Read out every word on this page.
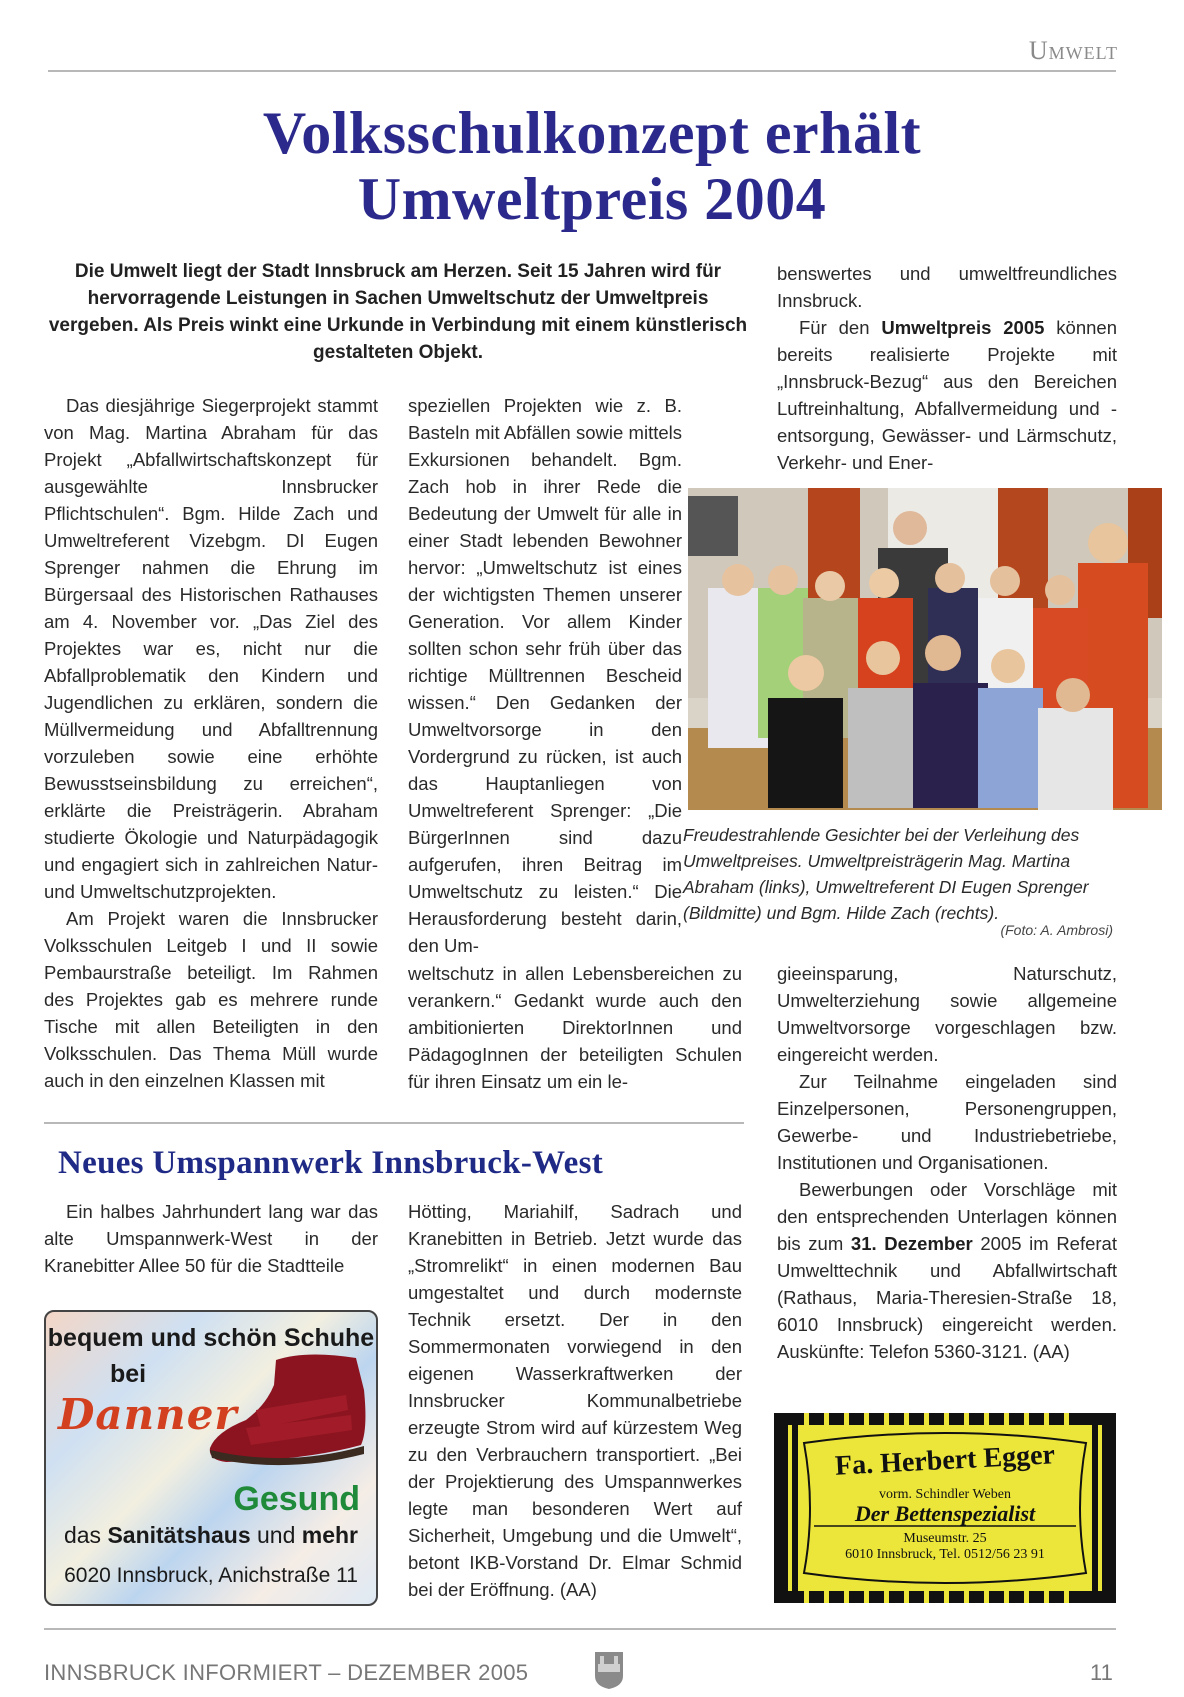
Umwelt
Volksschulkonzept erhält
Umweltpreis 2004
Die Umwelt liegt der Stadt Innsbruck am Herzen. Seit 15 Jahren wird für hervorragende Leistungen in Sachen Umweltschutz der Umweltpreis vergeben. Als Preis winkt eine Urkunde in Verbindung mit einem künstlerisch gestalteten Objekt.

Das diesjährige Siegerprojekt stammt von Mag. Martina Abraham für das Projekt „Abfallwirtschaftskonzept für ausgewählte Innsbrucker Pflichtschulen“. Bgm. Hilde Zach und Umweltreferent Vizebgm. DI Eugen Sprenger nahmen die Ehrung im Bürgersaal des Historischen Rathauses am 4. November vor. „Das Ziel des Projektes war es, nicht nur die Abfallproblematik den Kindern und Jugendlichen zu erklären, sondern die Müllvermeidung und Abfalltrennung vorzuleben sowie eine erhöhte Bewusstseinsbildung zu erreichen“, erklärte die Preisträgerin. Abraham studierte Ökologie und Naturpädagogik und engagiert sich in zahlreichen Natur- und Umweltschutzprojekten.

Am Projekt waren die Innsbrucker Volksschulen Leitgeb I und II sowie Pembaurstraße beteiligt. Im Rahmen des Projektes gab es mehrere runde Tische mit allen Beteiligten in den Volksschulen. Das Thema Müll wurde auch in den einzelnen Klassen mit

speziellen Projekten wie z. B. Basteln mit Abfällen sowie mittels Exkursionen behandelt. Bgm. Zach hob in ihrer Rede die Bedeutung der Umwelt für alle in einer Stadt lebenden Bewohner hervor: „Umweltschutz ist eines der wichtigsten Themen unserer Generation. Vor allem Kinder sollten schon sehr früh über das richtige Mülltrennen Bescheid wissen.“ Den Gedanken der Umweltvorsorge in den Vordergrund zu rücken, ist auch das Hauptanliegen von Umweltreferent Sprenger: „Die BürgerInnen sind dazu aufgerufen, ihren Beitrag im Umweltschutz zu leisten.“ Die Herausforderung besteht darin, den Um-

weltschutz in allen Lebensbereichen zu verankern.“ Gedankt wurde auch den ambitionierten DirektorInnen und PädagogInnen der beteiligten Schulen für ihren Einsatz um ein le-

benswertes und umweltfreundliches Innsbruck.

Für den Umweltpreis 2005 können bereits realisierte Projekte mit „Innsbruck-Bezug“ aus den Bereichen Luftreinhaltung, Abfallvermeidung und -entsorgung, Gewässer- und Lärmschutz, Verkehr- und Ener-

Freudestrahlende Gesichter bei der Verleihung des Umweltpreises. Umweltpreisträgerin Mag. Martina Abraham (links), Umweltreferent DI Eugen Sprenger (Bildmitte) und Bgm. Hilde Zach (rechts).
(Foto: A. Ambrosi)

gieeinsparung, Naturschutz, Umwelterziehung sowie allgemeine Umweltvorsorge vorgeschlagen bzw. eingereicht werden.

Zur Teilnahme eingeladen sind Einzelpersonen, Personengruppen, Gewerbe- und Industriebetriebe, Institutionen und Organisationen.

Bewerbungen oder Vorschläge mit den entsprechenden Unterlagen können bis zum 31. Dezember 2005 im Referat Umwelttechnik und Abfallwirtschaft (Rathaus, Maria-Theresien-Straße 18, 6010 Innsbruck) eingereicht werden. Auskünfte: Telefon 5360-3121. (AA)

Neues Umspannwerk Innsbruck-West

Ein halbes Jahrhundert lang war das alte Umspannwerk-West in der Kranebitter Allee 50 für die Stadtteile

Hötting, Mariahilf, Sadrach und Kranebitten in Betrieb. Jetzt wurde das „Stromrelikt“ in einen modernen Bau umgestaltet und durch modernste Technik ersetzt. Der in den Sommermonaten vorwiegend in den eigenen Wasserkraftwerken der Innsbrucker Kommunalbetriebe erzeugte Strom wird auf kürzestem Weg zu den Verbrauchern transportiert. „Bei der Projektierung des Umspannwerkes legte man besonderen Wert auf Sicherheit, Umgebung und die Umwelt“, betont IKB-Vorstand Dr. Elmar Schmid bei der Eröffnung. (AA)

bequem und schön Schuhe
bei
Danner
Gesund
das Sanitätshaus und mehr
6020 Innsbruck, Anichstraße 11
Fa. Herbert Egger
vorm. Schindler Weben
Der Bettenspezialist
Museumstr. 25
6010 Innsbruck, Tel. 0512/56 23 91
INNSBRUCK INFORMIERT – DEZEMBER 2005	11
